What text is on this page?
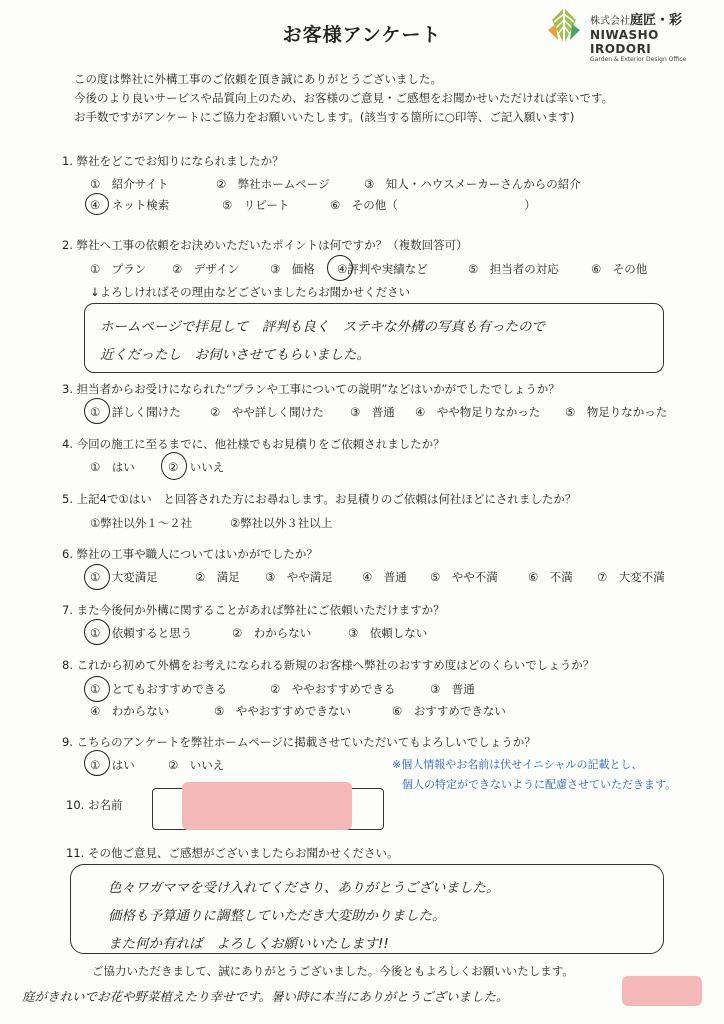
お客様アンケート
株式会社庭匠・彩
NIWASHO IRODORI
Garden & Exterior Design Office
この度は弊社に外構工事のご依頼を頂き誠にありがとうございました。
今後のより良いサービスや品質向上のため、お客様のご意見・ご感想をお聞かせいただければ幸いです。
お手数ですがアンケートにご協力をお願いいたします。(該当する箇所に○印等、ご記入願います)
1. 弊社をどこでお知りになられましたか？
①　紹介サイト	②　弊社ホームページ	③　知人・ハウスメーカーさんからの紹介
④　ネット検索	⑤　リピート	⑥　その他（　　　　　　　　　　　）
2. 弊社へ工事の依頼をお決めいただいたポイントは何ですか？（複数回答可）
①　プラン ②　デザイン	③　価格 ④評判や実績など	⑤　担当者の対応	⑥　その他
↓よろしければその理由などございましたらお聞かせください
ホームページで拝見して　評判も良く　ステキな外構の写真も有ったので
近くだったし　お伺いさせてもらいました。
3. 担当者からお受けになられた“プランや工事についての説明”などはいかがでしたでしょうか？
①　詳しく聞けた	②　やや詳しく聞けた ③　普通 ④　やや物足りなかった ⑤　物足りなかった
4. 今回の施工に至るまでに、他社様でもお見積りをご依頼されましたか？
①　はい	②　いいえ
5. 上記4で①はい　と回答された方にお尋ねします。お見積りのご依頼は何社ほどにされましたか？
①弊社以外１～２社	②弊社以外３社以上
6. 弊社の工事や職人についてはいかがでしたか？
①　大変満足	②　満足 ③　やや満足	④　普通 ⑤　やや不満	⑥　不満 ⑦　大変不満
7. また今後何か外構に関することがあれば弊社にご依頼いただけますか？
①　依頼すると思う	②　わからない	③　依頼しない
8. これから初めて外構をお考えになられる新規のお客様へ弊社のおすすめ度はどのくらいでしょうか？
①　とてもおすすめできる	②　ややおすすめできる	③　普通
④　わからない	⑤　ややおすすめできない	⑥　おすすめできない
9. こちらのアンケートを弊社ホームページに掲載させていただいてもよろしいでしょうか？
①　はい	②　いいえ	※個人情報やお名前は伏せイニシャルの記載とし、
個人の特定ができないように配慮させていただきます。
10. お名前
11. その他ご意見、ご感想がございましたらお聞かせください。
色々ワガママを受け入れてくださり、ありがとうございました。
価格も予算通りに調整していただき大変助かりました。
また何か有れば　よろしくお願いいたします!!
ご協力いただきまして、誠にありがとうございました。今後ともよろしくお願いいたします。
庭がきれいでお花や野菜植えたり幸せです。暑い時に本当にありがとうございました。
